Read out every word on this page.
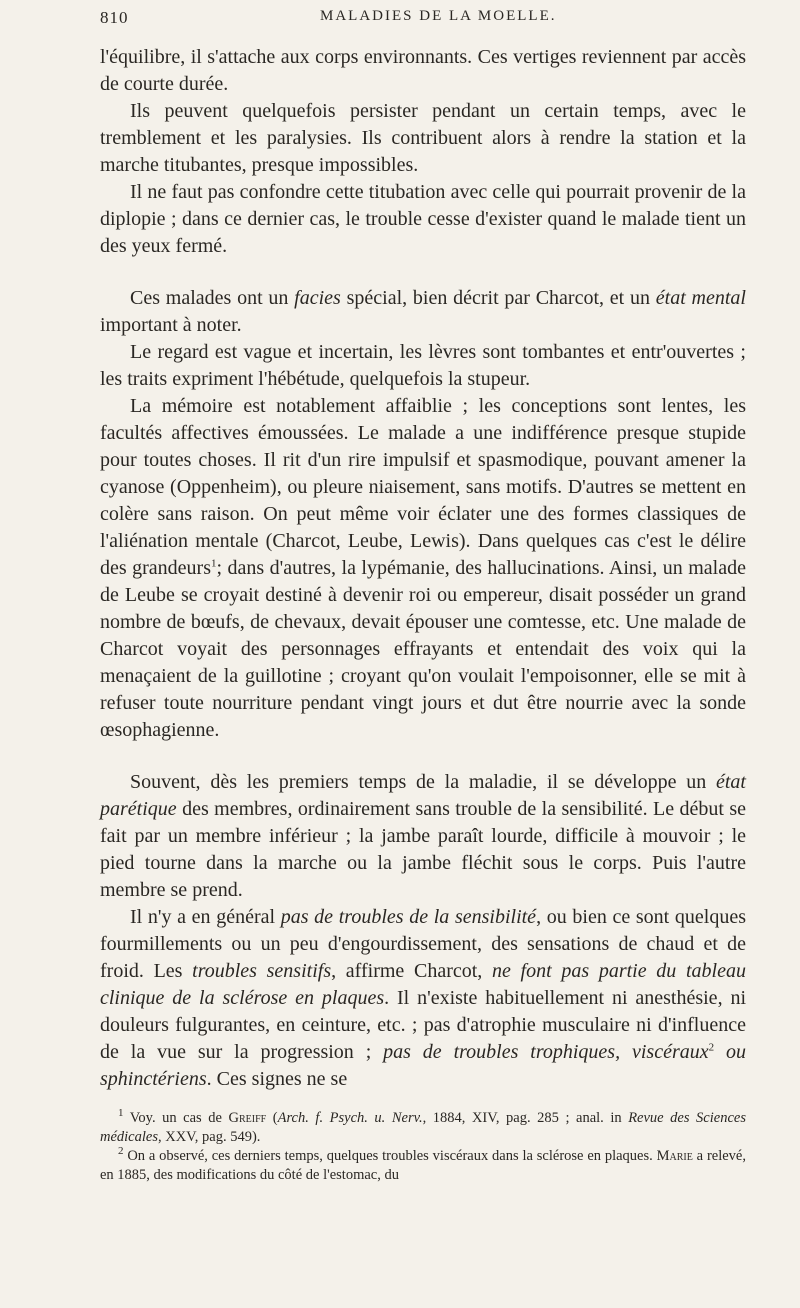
810	MALADIES DE LA MOELLE.

l'équilibre, il s'attache aux corps environnants. Ces vertiges reviennent par accès de courte durée.

Ils peuvent quelquefois persister pendant un certain temps, avec le tremblement et les paralysies. Ils contribuent alors à rendre la station et la marche titubantes, presque impossibles.

Il ne faut pas confondre cette titubation avec celle qui pourrait provenir de la diplopie ; dans ce dernier cas, le trouble cesse d'exister quand le malade tient un des yeux fermé.

Ces malades ont un facies spécial, bien décrit par Charcot, et un état mental important à noter.

Le regard est vague et incertain, les lèvres sont tombantes et entr'ouvertes ; les traits expriment l'hébétude, quelquefois la stupeur.

La mémoire est notablement affaiblie ; les conceptions sont lentes, les facultés affectives émoussées. Le malade a une indifférence presque stupide pour toutes choses. Il rit d'un rire impulsif et spasmodique, pouvant amener la cyanose (Oppenheim), ou pleure niaisement, sans motifs. D'autres se mettent en colère sans raison. On peut même voir éclater une des formes classiques de l'aliénation mentale (Charcot, Leube, Lewis). Dans quelques cas c'est le délire des grandeurs$^1$; dans d'autres, la lypémanie, des hallucinations. Ainsi, un malade de Leube se croyait destiné à devenir roi ou empereur, disait posséder un grand nombre de bœufs, de chevaux, devait épouser une comtesse, etc. Une malade de Charcot voyait des personnages effrayants et entendait des voix qui la menaçaient de la guillotine ; croyant qu'on voulait l'empoisonner, elle se mit à refuser toute nourriture pendant vingt jours et dut être nourrie avec la sonde œsophagienne.

Souvent, dès les premiers temps de la maladie, il se développe un état parétique des membres, ordinairement sans trouble de la sensibilité. Le début se fait par un membre inférieur ; la jambe paraît lourde, difficile à mouvoir ; le pied tourne dans la marche ou la jambe fléchit sous le corps. Puis l'autre membre se prend.

Il n'y a en général pas de troubles de la sensibilité, ou bien ce sont quelques fourmillements ou un peu d'engourdissement, des sensations de chaud et de froid. Les troubles sensitifs, affirme Charcot, ne font pas partie du tableau clinique de la sclérose en plaques. Il n'existe habituellement ni anesthésie, ni douleurs fulgurantes, en ceinture, etc. ; pas d'atrophie musculaire ni d'influence de la vue sur la progression ; pas de troubles trophiques, viscéraux$^2$ ou sphinctériens. Ces signes ne se

$^1$ Voy. un cas de Greiff (Arch. f. Psych. u. Nerv., 1884, XIV, pag. 285 ; anal. in Revue des Sciences médicales, XXV, pag. 549).

$^2$ On a observé, ces derniers temps, quelques troubles viscéraux dans la sclérose en plaques. Marie a relevé, en 1885, des modifications du côté de l'estomac, du
